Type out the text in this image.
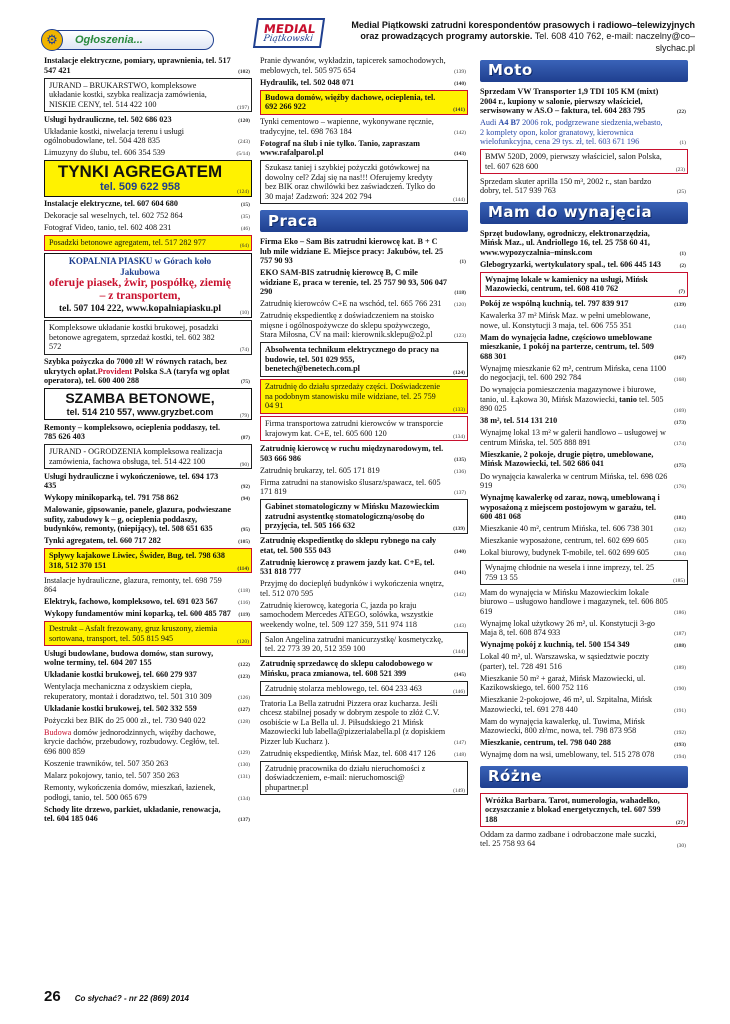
MEDIAL
Piątkowski
Medial Piątkowski zatrudni korespondentów prasowych i radiowo–telewizyjnych
oraz prowadzących programy autorskie. Tel. 608 410 762, e-mail: naczelny@co–slychac.pl
⚙	Ogłoszenia...
Instalacje elektryczne, pomiary, uprawnienia, tel. 517 547 421	(102)
JURAND – BRUKARSTWO, kompleksowe układanie kostki, szybka realizacja zamówienia, NISKIE CENY, tel. 514 422 100	(197)
Usługi hydrauliczne, tel. 502 686 023	(120)
Układanie kostki, niwelacja terenu i usługi ogólnobudowlane, tel. 504 428 835	(243)
Limuzyny do ślubu, tel. 606 354 539	(5/14)
TYNKI AGREGATEM
tel. 509 622 958	(124)
Instalacje elektryczne, tel. 607 604 680	(15)
Dekoracje sal weselnych, tel. 602 752 864	(35)
Fotograf Video, tanio, tel. 602 408 231	(46)
Posadzki betonowe agregatem, tel. 517 282 977	(64)
KOPALNIA PIASKU w Górach koło Jakubowa
oferuje piasek, żwir, pospółkę, ziemię – z transportem,
tel. 507 104 222, www.kopalniapiasku.pl	(10)
Kompleksowe układanie kostki brukowej, posadzki betonowe agregatem, sprzedaż kostki, tel. 602 382 572	(74)
Szybka pożyczka do 7000 zł! W równych ratach, bez ukrytych opłat.Provident Polska S.A (taryfa wg opłat operatora), tel. 600 400 288	(75)
SZAMBA BETONOWE,
tel. 514 210 557, www.gryzbet.com	(79)
Remonty – kompleksowo, ocieplenia poddaszy, tel. 785 626 403	(87)
JURAND - OGRODZENIA kompleksowa realizacja zamówienia, fachowa obsługa, tel. 514 422 100	(90)
Usługi hydrauliczne i wykończeniowe, tel. 694 173 435	(92)
Wykopy minikoparką, tel. 791 758 862	(94)
Malowanie, gipsowanie, panele, glazura, podwieszane sufity, zabudowy k – g, ocieplenia poddaszy, budynków, remonty, (niepijący), tel. 508 651 635	(95)
Tynki agregatem, tel. 660 717 282	(105)
Spływy kajakowe Liwiec, Świder, Bug, tel. 798 638 318, 512 370 151	(114)
Instalacje hydrauliczne, glazura, remonty, tel. 698 759 864	(118)
Elektryk, fachowo, kompleksowo, tel. 691 023 567	(116)
Wykopy fundamentów mini koparką, tel. 600 485 787 (119)
Destrukt – Asfalt frezowany, gruz kruszony, ziemia sortowana, transport, tel. 505 815 945	(120)
Usługi budowlane, budowa domów, stan surowy, wolne terminy, tel. 604 207 155	(122)
Układanie kostki brukowej, tel. 660 279 937	(123)
Wentylacja mechaniczna z odzyskiem ciepła, rekuperatory, montaż i doradztwo, tel. 501 310 309	(126)
Układanie kostki brukowej, tel. 502 332 559	(127)
Pożyczki bez BIK do 25 000 zł., tel. 730 940 022	(128)
Budowa domów jednorodzinnych, więźby dachowe, krycie dachów, przebudowy, rozbudowy. Cegłów, tel. 696 800 859	(129)
Koszenie trawników, tel. 507 350 263	(130)
Malarz pokojowy, tanio, tel. 507 350 263	(131)
Remonty, wykończenia domów, mieszkań, łazienek, podłogi, tanio, tel. 500 065 679	(134)
Schody lite drzewo, parkiet, układanie, renowacja, tel. 604 185 046	(137)
Pranie dywanów, wykładzin, tapicerek samochodowych, meblowych, tel. 505 975 654	(139)
Hydraulik, tel. 502 048 071	(140)
Budowa domów, więźby dachowe, ocieplenia, tel. 692 266 922	(141)
Tynki cementowo – wapienne, wykonywane ręcznie, tradycyjne, tel. 698 763 184	(142)
Fotograf na ślub i nie tylko. Tanio, zapraszam www.rafalparol.pl	(143)
Szukasz taniej i szybkiej pożyczki gotówkowej na dowolny cel? Zdaj się na nas!!! Oferujemy kredyty bez BIK oraz chwilówki bez zaświadczeń. Tylko do 30 maja! Zadzwoń: 324 202 794	(144)
Praca
Firma Eko – Sam Bis zatrudni kierowcę kat. B + C lub mile widziane E. Miejsce pracy: Jakubów, tel. 25 757 90 93	(1)
EKO SAM-BIS zatrudnię kierowcę B, C mile widziane E, praca w terenie, tel. 25 757 90 93, 506 047 290	(118)
Zatrudnię kierowców C+E na wschód, tel. 665 766 231 (120)
Zatrudnię ekspedientkę z doświadczeniem na stoisko mięsne i ogólnospożywcze do sklepu spożywczego, Stara Miłosna, CV na mail: kierownik.sklepu@o2.pl	(123)
Absolwenta technikum elektrycznego do pracy na budowie, tel. 501 029 955, benetech@benetech.com.pl	(124)
Zatrudnię do działu sprzedaży części. Doświadczenie na podobnym stanowisku mile widziane, tel. 25 759 04 91	(133)
Firma transportowa zatrudni kierowców w transporcie krajowym kat. C+E, tel. 605 600 120	(134)
Zatrudnię kierowcę w ruchu międzynarodowym, tel. 503 666 986	(135)
Zatrudnię brukarzy, tel. 605 171 819	(136)
Firma zatrudni na stanowisko ślusarz/spawacz, tel. 605 171 819	(137)
Gabinet stomatologiczny w Mińsku Mazowieckim zatrudni asystentkę stomatologiczną/osobę do przyjęcia, tel. 505 166 632	(139)
Zatrudnię ekspedientkę do sklepu rybnego na cały etat, tel. 500 555 043	(140)
Zatrudnię kierowcę z prawem jazdy kat. C+E, tel. 531 818 777	(141)
Przyjmę do docieplęń budynków i wykończenia wnętrz, tel. 512 070 595	(142)
Zatrudnię kierowcę, kategoria C, jazda po kraju samochodem Mercedes ATEGO, solówka, wszystkie weekendy wolne, tel. 509 127 359, 511 974 118	(143)
Salon Angelina zatrudni manicurzystkę/ kosmetyczkę, tel. 22 773 39 20, 512 359 100	(144)
Zatrudnię sprzedawcę do sklepu całodobowego w Mińsku, praca zmianowa, tel. 608 521 399	(145)
Zatrudnię stolarza meblowego, tel. 604 233 463	(146)
Tratoria La Bella zatrudni Pizzera oraz kucharza. Jeśli chcesz stabilnej posady w dobrym zespole to złóż C.V. osobiście w La Bella ul. J. Piłsudskiego 21 Mińsk Mazowiecki lub labella@pizzerialabella.pl (z dopiskiem Pizzer lub Kucharz ).	(147)
Zatrudnię ekspedientkę, Mińsk Maz, tel. 608 417 126	(148)
Zatrudnię pracownika do działu nieruchomości z doświadczeniem, e-mail: nieruchomosci@ phupartner.pl	(149)
Moto
Sprzedam VW Transporter 1,9 TDI 105 KM (mixt) 2004 r., kupiony w salonie, pierwszy właściciel, serwisowany w AS.O – faktura, tel. 604 283 795	(22)
Audi A4 B7 2006 rok, podgrzewane siedzenia,webasto, 2 komplety opon, kolor granatowy, kierownica wielofunkcyjna, cena 29 tys. zł, tel. 603 671 196	(1)
BMW 520D, 2009, pierwszy właściciel, salon Polska, tel. 607 628 600	(23)
Sprzedam skuter aprilla 150 m³, 2002 r., stan bardzo dobry, tel. 517 939 763	(25)
Mam do wynajęcia
Sprzęt budowlany, ogrodniczy, elektronarzędzia, Mińsk Maz., ul. Andriollego 16, tel. 25 758 60 41, www.wypozyczalnia–minsk.com	(1)
Glebogryzarki, wertykulatory spal., tel. 606 445 143	(2)
Wynajmę lokale w kamienicy na usługi, Mińsk Mazowiecki, centrum, tel. 608 410 762	(7)
Pokój ze wspólną kuchnią, tel. 797 839 917	(139)
Kawalerka 37 m² Mińsk Maz. w pełni umeblowane, nowe, ul. Konstytucji 3 maja, tel. 606 755 351	(144)
Mam do wynajęcia ładne, częściowo umeblowane mieszkanie, 1 pokój na parterze, centrum, tel. 509 688 301	(167)
Wynajmę mieszkanie 62 m², centrum Mińska, cena 1100 do negocjacji, tel. 600 292 784	(168)
Do wynajęcia pomieszczenia magazynowe i biurowe, tanio, ul. Łąkowa 30, Mińsk Mazowiecki, tanio tel. 505 890 025	(169)
38 m², tel. 514 131 210	(173)
Wynajmę lokal 13 m² w galerii handlowo – usługowej w centrum Mińska, tel. 505 888 891	(174)
Mieszkanie, 2 pokoje, drugie piętro, umeblowane, Mińsk Mazowiecki, tel. 502 686 041	(175)
Do wynajęcia kawalerka w centrum Mińska, tel. 698 026 919	(176)
Wynajmę kawalerkę od zaraz, nową, umeblowaną i wyposażoną z miejscem postojowym w garażu, tel. 600 481 068	(181)
Mieszkanie 40 m², centrum Mińska, tel. 606 738 301	(182)
Mieszkanie wyposażone, centrum, tel. 602 699 605	(183)
Lokal biurowy, budynek T-mobile, tel. 602 699 605	(184)
Wynajmę chłodnie na wesela i inne imprezy, tel. 25 759 13 55	(185)
Mam do wynajęcia w Mińsku Mazowieckim lokale biurowo – usługowo handlowe i magazynek, tel. 606 805 619	(186)
Wynajmę lokal użytkowy 26 m², ul. Konstytucji 3-go Maja 8, tel. 608 874 933	(187)
Wynajmę pokój z kuchnią, tel. 500 154 349	(188)
Lokal 40 m², ul. Warszawska, w sąsiedztwie poczty (parter), tel. 728 491 516	(189)
Mieszkanie 50 m² + garaż, Mińsk Mazowiecki, ul. Kazikowskiego, tel. 600 752 116	(190)
Mieszkanie 2-pokojowe, 46 m², ul. Szpitalna, Mińsk Mazowiecki, tel. 691 278 440	(191)
Mam do wynajęcia kawalerkę, ul. Tuwima, Mińsk Mazowiecki, 800 zł/mc, nowa, tel. 798 873 958	(192)
Mieszkanie, centrum, tel. 798 040 288	(193)
Wynajmę dom na wsi, umeblowany, tel. 515 278 078	(194)
Różne
Wróżka Barbara. Tarot, numerologia, wahadełko, oczyszczanie z blokad energetycznych, tel. 607 599 188	(27)
Oddam za darmo zadbane i odrobaczone małe suczki, tel. 25 758 93 64	(30)
26 Co słychać? - nr 22 (869) 2014
